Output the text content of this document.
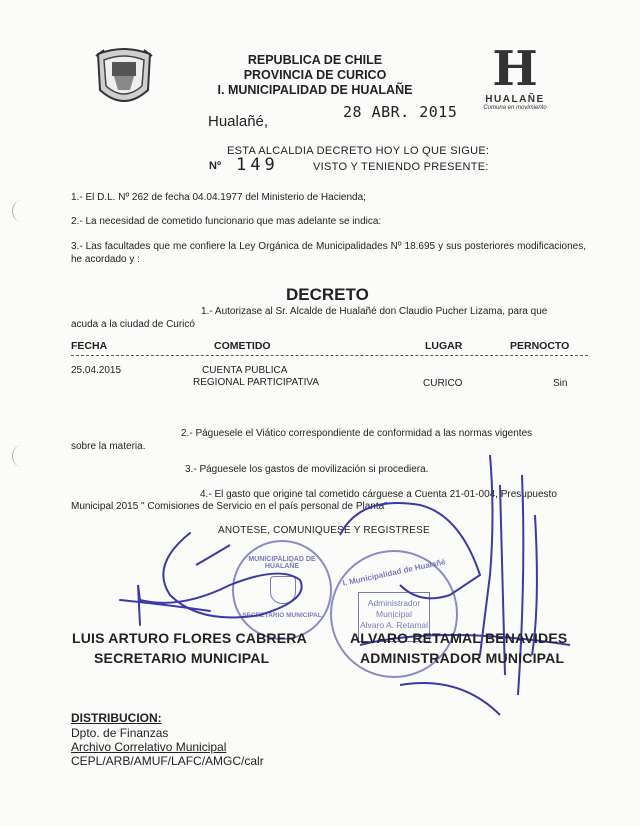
REPUBLICA DE CHILE
PROVINCIA DE CURICO
I. MUNICIPALIDAD DE HUALAÑE	H
HUALAÑE
Comuna en movimiento
Hualañé,
28 ABR. 2015
ESTA ALCALDIA DECRETO HOY LO QUE SIGUE:
Nº 149	VISTO Y TENIENDO PRESENTE:
1.- El D.L. Nº 262 de fecha 04.04.1977 del Ministerio de Hacienda;
2.- La necesidad de cometido funcionario que mas adelante se indica:
3.- Las facultades que me confiere la Ley Orgánica de Municipalidades Nº 18.695 y sus posteriores modificaciones, he acordado y :
DECRETO
1.- Autorizase al Sr. Alcalde de Hualañé don Claudio Pucher Lizama, para que
acuda a la ciudad de Curicó
FECHA	COMETIDO	LUGAR	PERNOCTO
25.04.2015	CUENTA PUBLICA
REGIONAL PARTICIPATIVA	CURICO	Sin
2.- Páguesele el Viático correspondiente de conformidad a las normas vigentes
sobre la materia.
3.- Páguesele los gastos de movilización si procediera.
4.- El gasto que origine tal cometido cárguese a Cuenta 21-01-004, Presupuesto
Municipal 2015 " Comisiones de Servicio en el país personal de Planta"
ANOTESE, COMUNIQUESE Y REGISTRESE
MUNICIPALIDAD DE HUALAÑE
SECRETARIO MUNICIPAL
I. Municipalidad de Hualañé
Administrador
Municipal
Alvaro A. Retamal
LUIS ARTURO FLORES CABRERA
SECRETARIO MUNICIPAL
ALVARO RETAMAL BENAVIDES
ADMINISTRADOR MUNICIPAL
DISTRIBUCION:
Dpto. de Finanzas
Archivo Correlativo Municipal
CEPL/ARB/AMUF/LAFC/AMGC/calr
